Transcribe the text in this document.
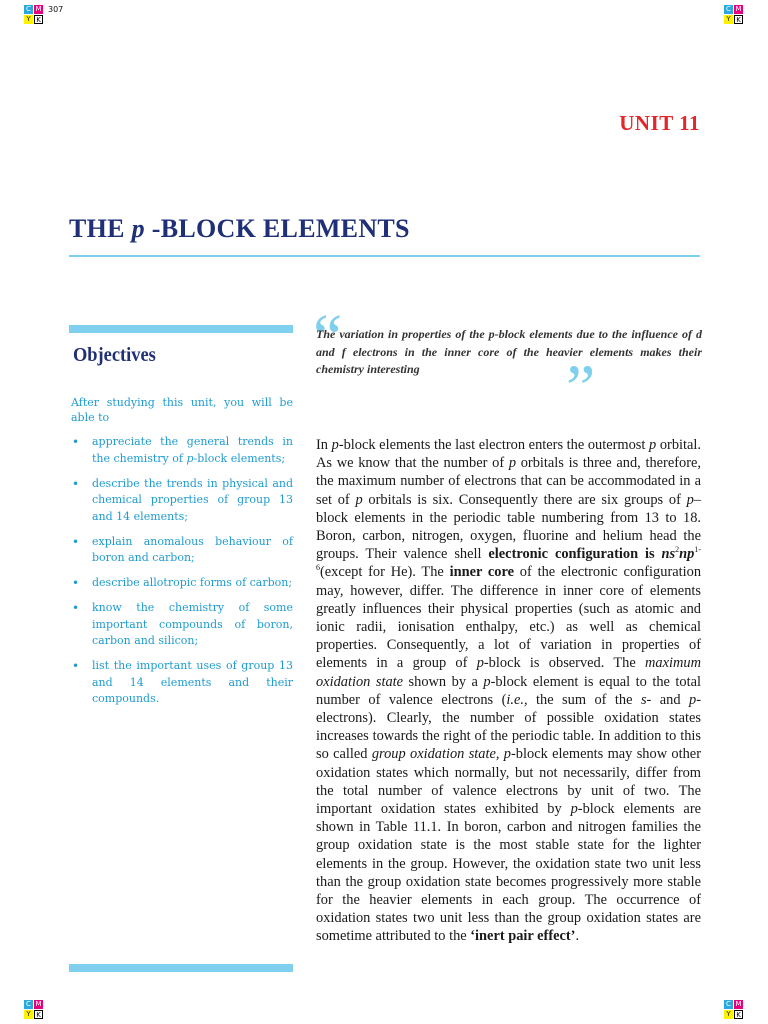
C M
Y K
C M
Y K
C M
Y K
C M
Y K
307
UNIT 11
THE p -BLOCK ELEMENTS
Objectives
After studying this unit, you will be able to
• appreciate the general trends in the chemistry of p-block elements;
• describe the trends in physical and chemical properties of group 13 and 14 elements;
• explain anomalous behaviour of boron and carbon;
• describe allotropic forms of carbon;
• know the chemistry of some important compounds of boron, carbon and silicon;
• list the important uses of group 13 and 14 elements and their compounds.
“
The variation in properties of the p-block elements due to the influence of d and f electrons in the inner core of the heavier elements makes their chemistry interesting	”
In p-block elements the last electron enters the outermost p orbital. As we know that the number of p orbitals is three and, therefore, the maximum number of electrons that can be accommodated in a set of p orbitals is six. Consequently there are six groups of p–block elements in the periodic table numbering from 13 to 18. Boron, carbon, nitrogen, oxygen, fluorine and helium head the groups. Their valence shell electronic configuration is $ns^2np^{1-6}(except$ for He). The inner core of the electronic configuration may, however, differ. The difference in inner core of elements greatly influences their physical properties (such as atomic and ionic radii, ionisation enthalpy, etc.) as well as chemical properties. Consequently, a lot of variation in properties of elements in a group of p-block is observed. The maximum oxidation state shown by a p-block element is equal to the total number of valence electrons (i.e., the sum of the s- and p-electrons). Clearly, the number of possible oxidation states increases towards the right of the periodic table. In addition to this so called group oxidation state, p-block elements may show other oxidation states which normally, but not necessarily, differ from the total number of valence electrons by unit of two. The important oxidation states exhibited by p-block elements are shown in Table 11.1. In boron, carbon and nitrogen families the group oxidation state is the most stable state for the lighter elements in the group. However, the oxidation state two unit less than the group oxidation state becomes progressively more stable for the heavier elements in each group. The occurrence of oxidation states two unit less than the group oxidation states are sometime attributed to the ‘inert pair effect’.
